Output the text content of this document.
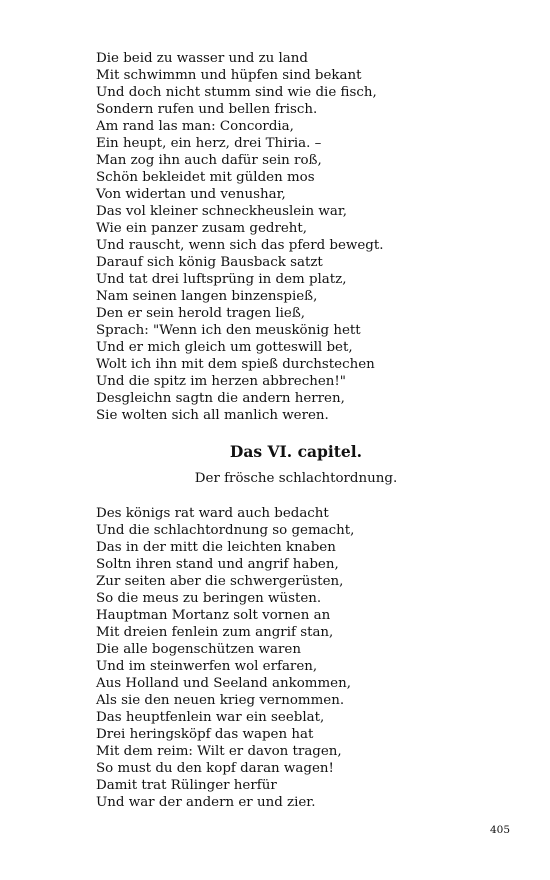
Die beid zu wasser und zu land
Mit schwimmn und hüpfen sind bekant
Und doch nicht stumm sind wie die fisch,
Sondern rufen und bellen frisch.
Am rand las man: Concordia,
Ein heupt, ein herz, drei Thiria. –
Man zog ihn auch dafür sein roß,
Schön bekleidet mit gülden mos
Von widertan und venushar,
Das vol kleiner schneckheuslein war,
Wie ein panzer zusam gedreht,
Und rauscht, wenn sich das pferd bewegt.
Darauf sich könig Bausback satzt
Und tat drei luftsprüng in dem platz,
Nam seinen langen binzenspieß,
Den er sein herold tragen ließ,
Sprach: "Wenn ich den meuskönig hett
Und er mich gleich um gotteswill bet,
Wolt ich ihn mit dem spieß durchstechen
Und die spitz im herzen abbrechen!"
Desgleichn sagtn die andern herren,
Sie wolten sich all manlich weren.
Das VI. capitel.

Der frösche schlachtordnung.

Des königs rat ward auch bedacht
Und die schlachtordnung so gemacht,
Das in der mitt die leichten knaben
Soltn ihren stand und angrif haben,
Zur seiten aber die schwergerüsten,
So die meus zu beringen wüsten.
Hauptman Mortanz solt vornen an
Mit dreien fenlein zum angrif stan,
Die alle bogenschützen waren
Und im steinwerfen wol erfaren,
Aus Holland und Seeland ankommen,
Als sie den neuen krieg vernommen.
Das heuptfenlein war ein seeblat,
Drei heringsköpf das wapen hat
Mit dem reim: Wilt er davon tragen,
So must du den kopf daran wagen!
Damit trat Rülinger herfür
Und war der andern er und zier.
405
